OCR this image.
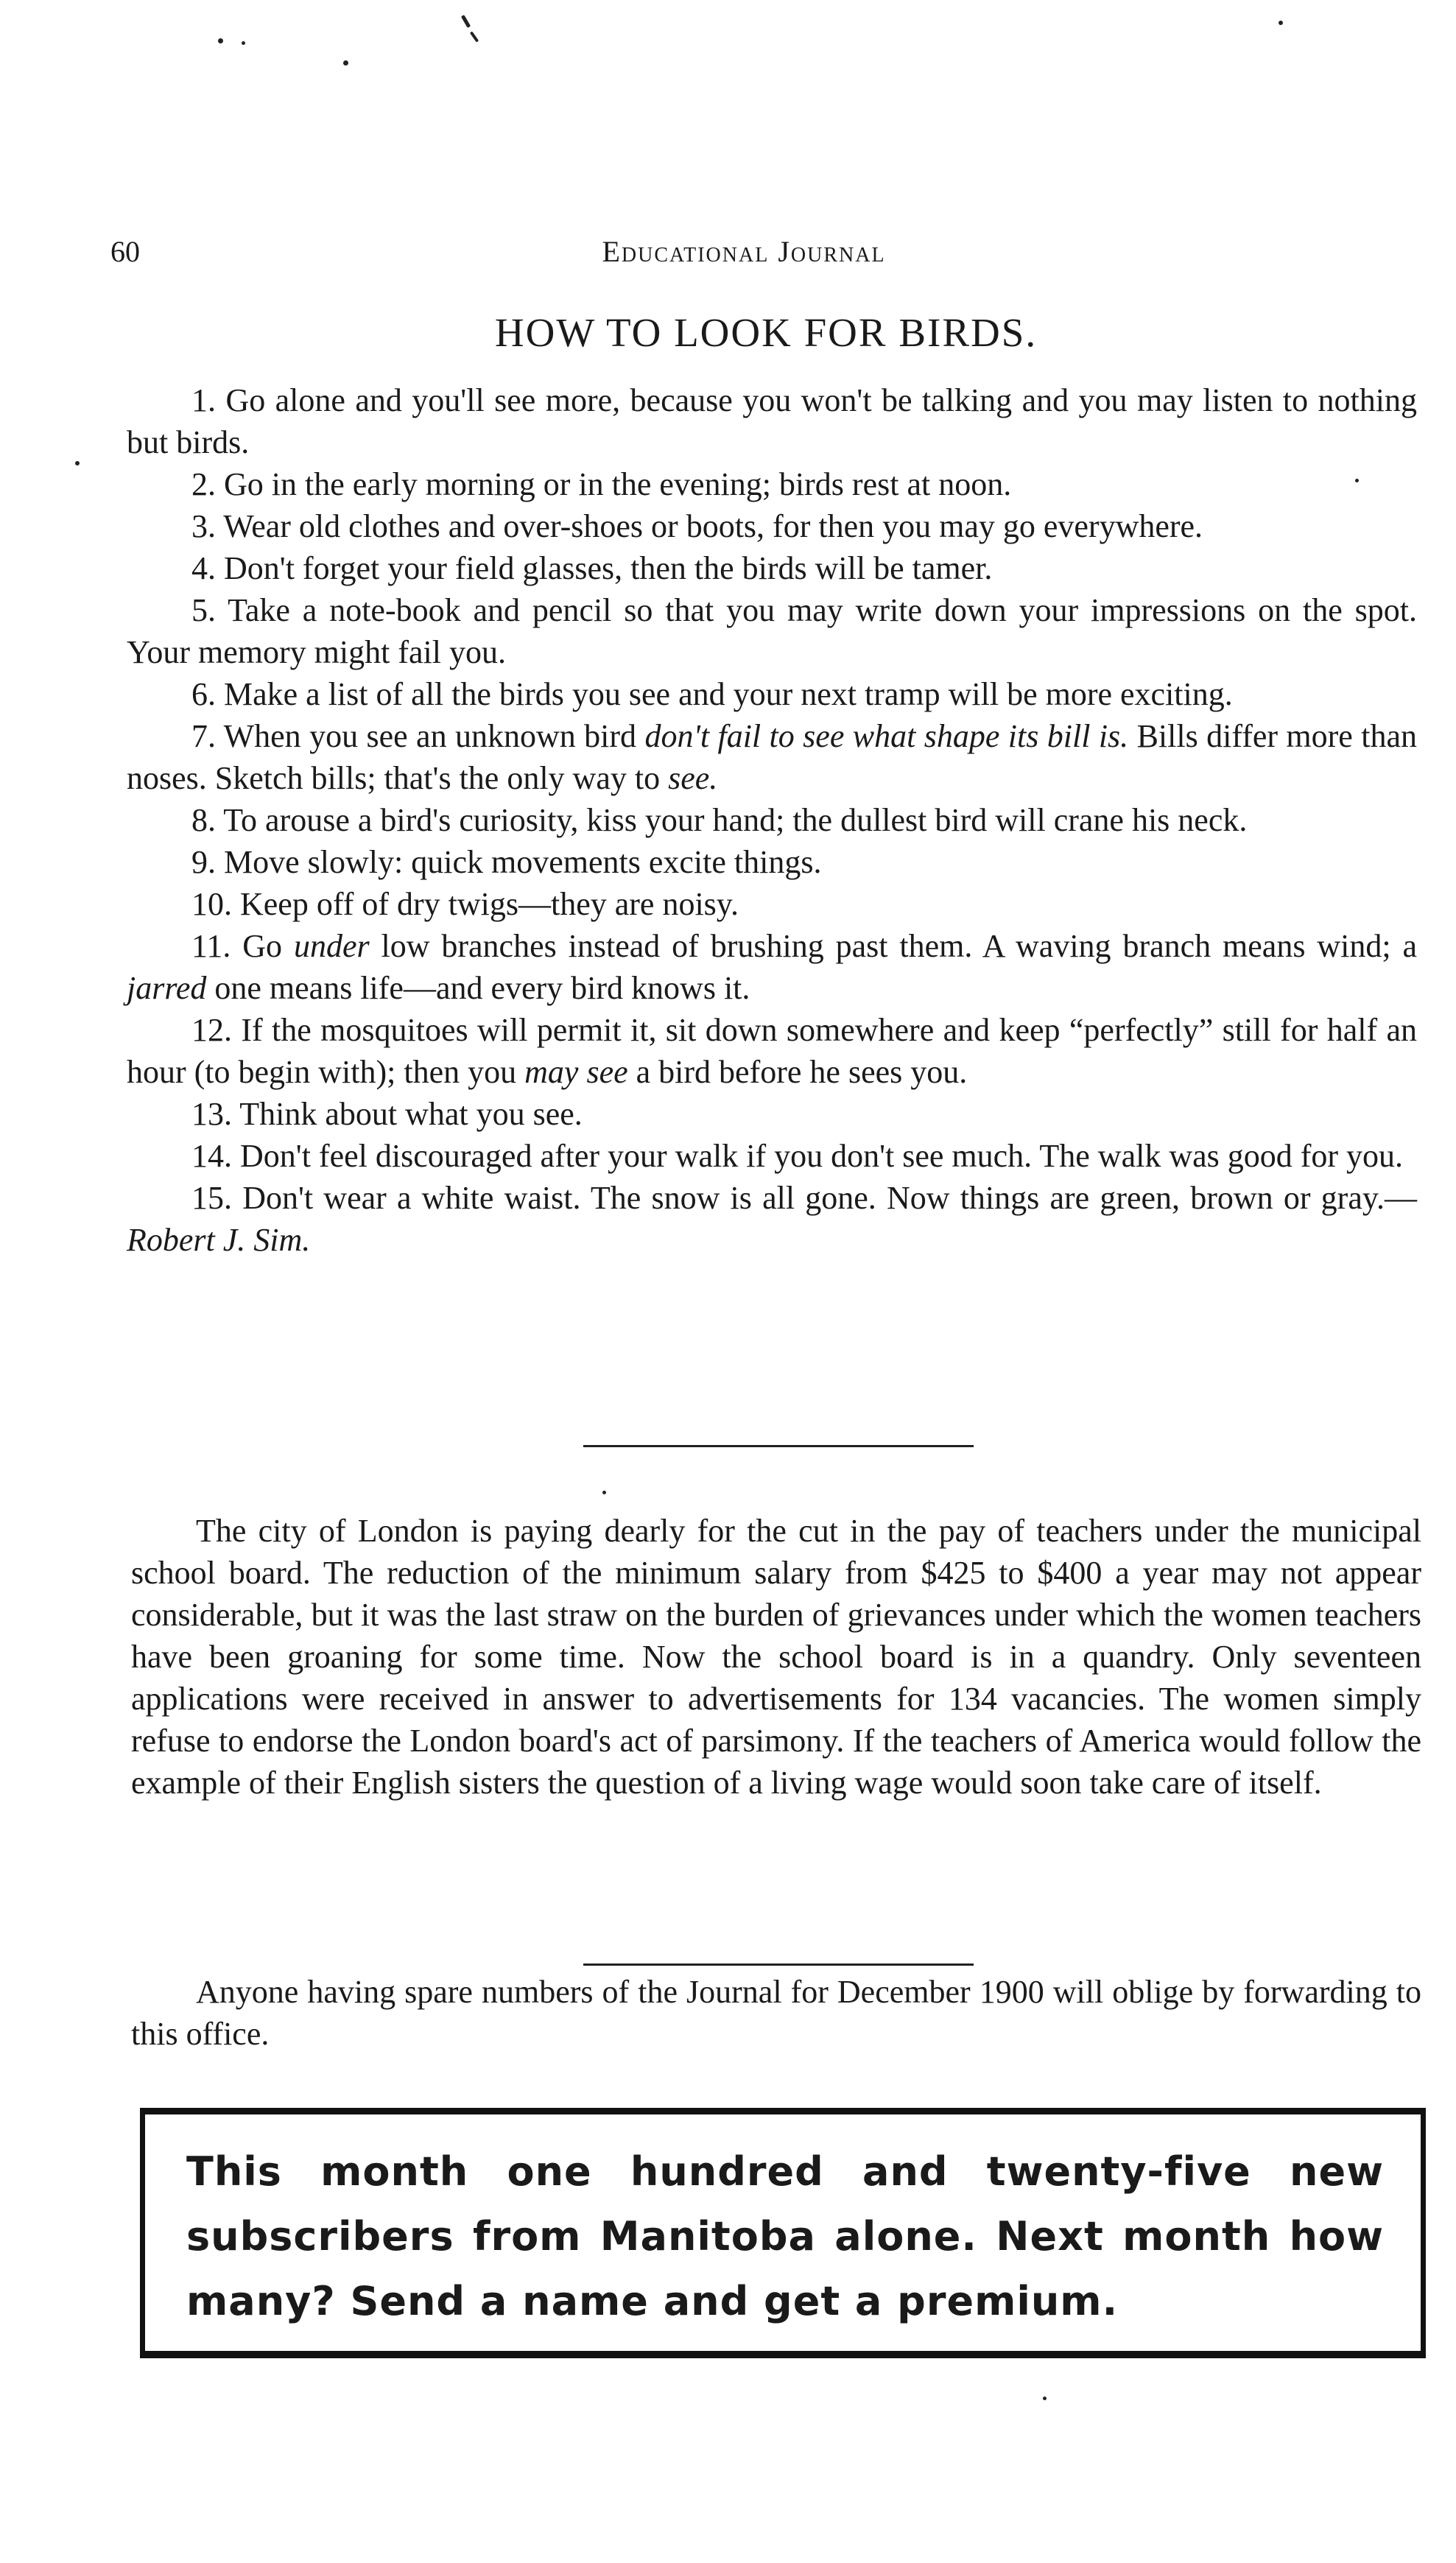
60	Educational Journal
HOW TO LOOK FOR BIRDS.
1. Go alone and you'll see more, because you won't be talking and you may listen to nothing but birds.
2. Go in the early morning or in the evening; birds rest at noon.
3. Wear old clothes and over-shoes or boots, for then you may go everywhere.
4. Don't forget your field glasses, then the birds will be tamer.
5. Take a note-book and pencil so that you may write down your impressions on the spot. Your memory might fail you.
6. Make a list of all the birds you see and your next tramp will be more exciting.
7. When you see an unknown bird don't fail to see what shape its bill is. Bills differ more than noses. Sketch bills; that's the only way to see.
8. To arouse a bird's curiosity, kiss your hand; the dullest bird will crane his neck.
9. Move slowly: quick movements excite things.
10. Keep off of dry twigs—they are noisy.
11. Go under low branches instead of brushing past them. A waving branch means wind; a jarred one means life—and every bird knows it.
12. If the mosquitoes will permit it, sit down somewhere and keep “perfectly” still for half an hour (to begin with); then you may see a bird before he sees you.
13. Think about what you see.
14. Don't feel discouraged after your walk if you don't see much. The walk was good for you.
15. Don't wear a white waist. The snow is all gone. Now things are green, brown or gray.—Robert J. Sim.

The city of London is paying dearly for the cut in the pay of teachers under the municipal school board. The reduction of the minimum salary from $425 to $400 a year may not appear considerable, but it was the last straw on the burden of grievances under which the women teachers have been groaning for some time. Now the school board is in a quandry. Only seventeen applications were received in answer to advertisements for 134 vacancies. The women simply refuse to endorse the London board's act of parsimony. If the teachers of America would follow the example of their English sisters the question of a living wage would soon take care of itself.

Anyone having spare numbers of the Journal for December 1900 will oblige by forwarding to this office.

This month one hundred and twenty-five new subscribers from Manitoba alone. Next month how many? Send a name and get a premium.
